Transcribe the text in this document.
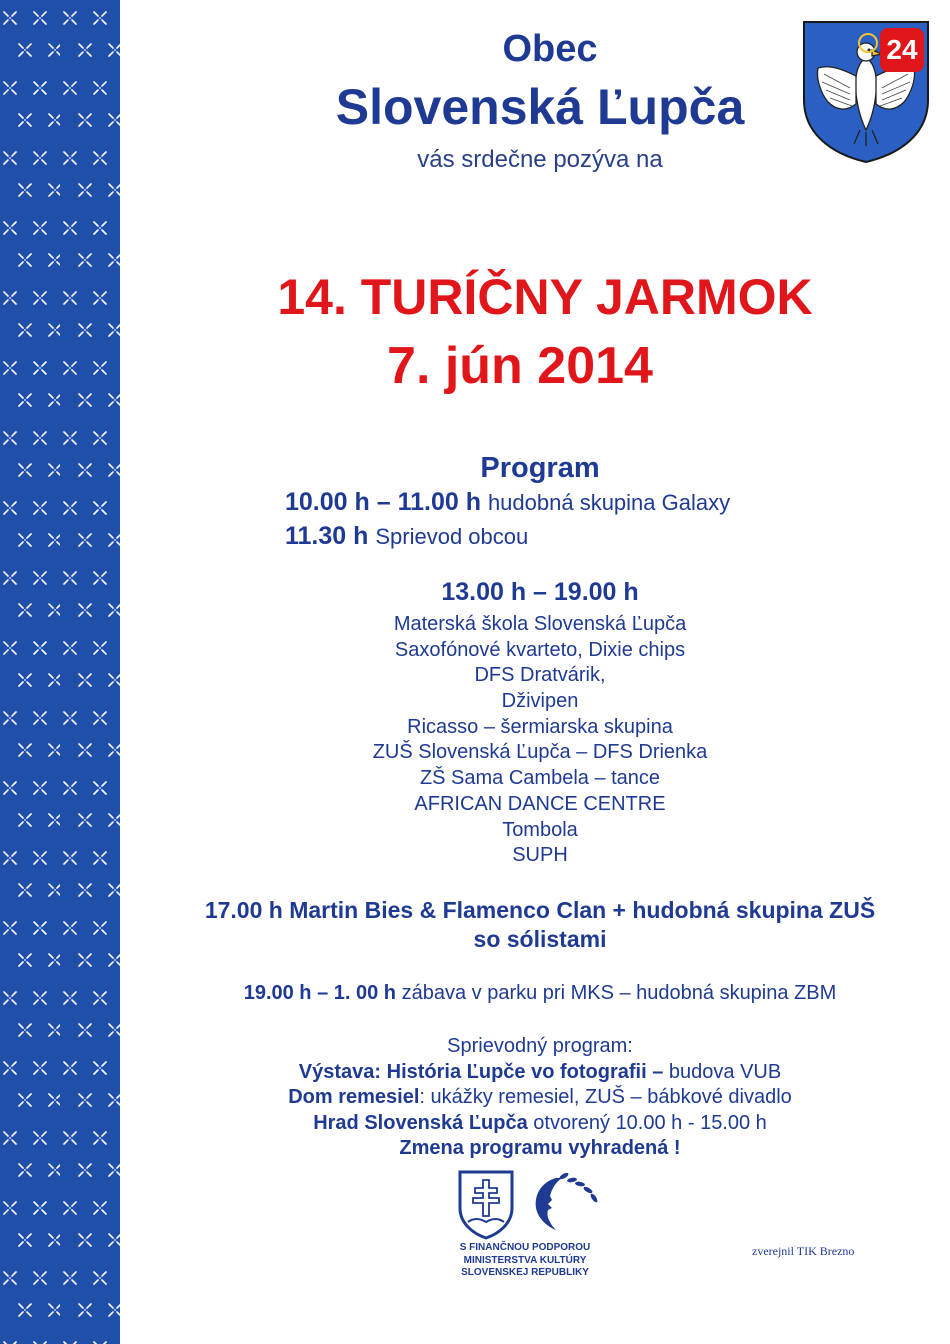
Obec
Slovenská Ľupča
vás srdečne pozýva na
24
14. TURÍČNY JARMOK
7. jún 2014
Program
10.00 h – 11.00 h hudobná skupina Galaxy
11.30 h Sprievod obcou
13.00 h – 19.00 h
Materská škola Slovenská Ľupča
Saxofónové kvarteto, Dixie chips
DFS Dratvárik,
Dživipen
Ricasso – šermiarska skupina
ZUŠ Slovenská Ľupča – DFS Drienka
ZŠ Sama Cambela – tance
AFRICAN DANCE CENTRE
Tombola
SUPH
17.00 h Martin Bies & Flamenco Clan + hudobná skupina ZUŠ
so sólistami
19.00 h – 1. 00 h zábava v parku pri MKS – hudobná skupina ZBM
Sprievodný program:
Výstava: História Ľupče vo fotografii – budova VUB
Dom remesiel: ukážky remesiel, ZUŠ – bábkové divadlo
Hrad Slovenská Ľupča otvorený 10.00 h - 15.00 h
Zmena programu vyhradená !
S FINANČNOU PODPOROU
MINISTERSTVA KULTÚRY
SLOVENSKEJ REPUBLIKY
zverejnil TIK Brezno
